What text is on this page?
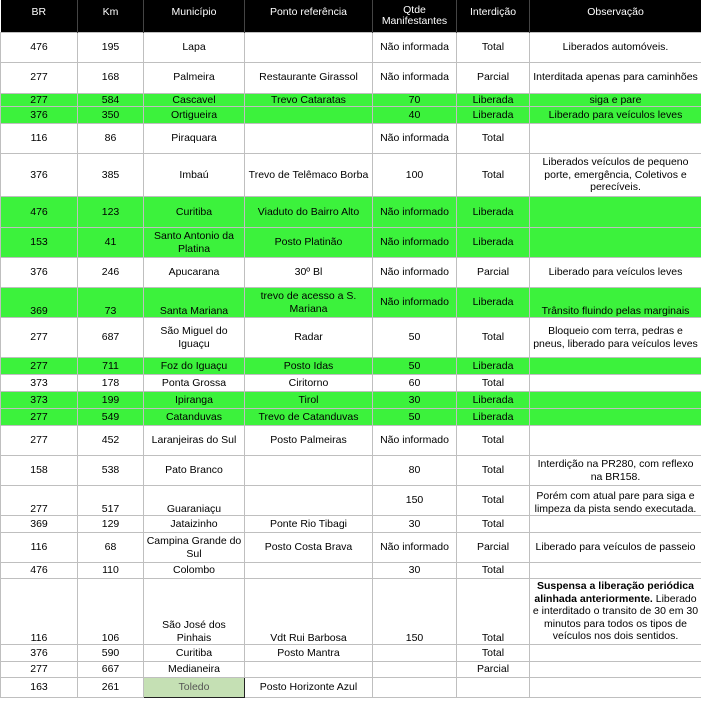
BR	Km	Município	Ponto referência	Qtde Manifestantes	Interdição	Observação
476	195	Lapa		Não informada	Total	Liberados automóveis.
277	168	Palmeira	Restaurante Girassol	Não informada	Parcial	Interditada apenas para caminhões
277	584	Cascavel	Trevo Cataratas	70	Liberada	siga e pare
376	350	Ortigueira		40	Liberada	Liberado para veículos leves
116	86	Piraquara		Não informada	Total	
376	385	Imbaú	Trevo de Telêmaco Borba	100	Total	Liberados veículos de pequeno porte, emergência, Coletivos e perecíveis.
476	123	Curitiba	Viaduto do Bairro Alto	Não informado	Liberada	
153	41	Santo Antonio da Platina	Posto Platinão	Não informado	Liberada	
376	246	Apucarana	30º Bl	Não informado	Parcial	Liberado para veículos leves
369	73	Santa Mariana	trevo de acesso a S. Mariana	Não informado	Liberada	Trânsito fluindo pelas marginais
277	687	São Miguel do Iguaçu	Radar	50	Total	Bloqueio com terra, pedras e pneus, liberado para veículos leves
277	711	Foz do Iguaçu	Posto Idas	50	Liberada	
373	178	Ponta Grossa	Ciritorno	60	Total	
373	199	Ipiranga	Tirol	30	Liberada	
277	549	Catanduvas	Trevo de Catanduvas	50	Liberada	
277	452	Laranjeiras do Sul	Posto Palmeiras	Não informado	Total	
158	538	Pato Branco		80	Total	Interdição na PR280, com reflexo na BR158.
277	517	Guaraniaçu		150	Total	Porém com atual pare para siga e limpeza da pista sendo executada.
369	129	Jataizinho	Ponte Rio Tibagi	30	Total	
116	68	Campina Grande do Sul	Posto Costa Brava	Não informado	Parcial	Liberado para veículos de passeio
476	110	Colombo		30	Total	
116	106	São José dos Pinhais	Vdt Rui Barbosa	150	Total	Suspensa a liberação periódica alinhada anteriormente. Liberado e interditado o transito de 30 em 30 minutos para todos os tipos de veículos nos dois sentidos.
376	590	Curitiba	Posto Mantra		Total	
277	667	Medianeira			Parcial	
163	261	Toledo	Posto Horizonte Azul			
